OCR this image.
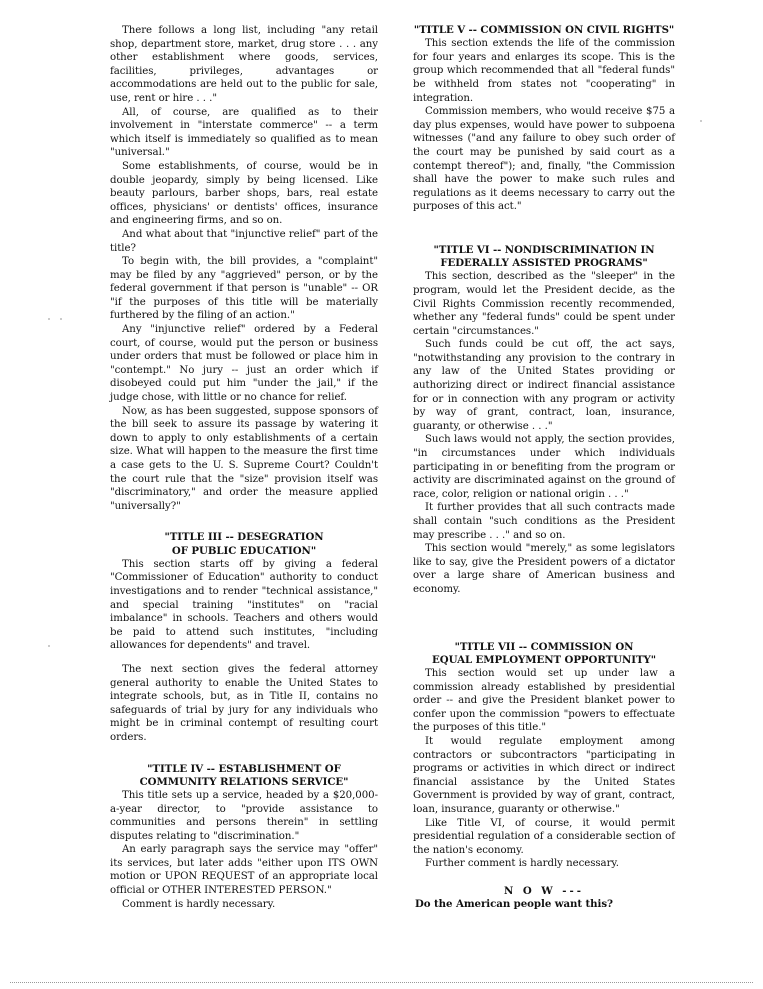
There follows a long list, including "any retail shop, department store, market, drug store . . . any other establishment where goods, services, facilities, privileges, advantages or accommodations are held out to the public for sale, use, rent or hire . . ."

All, of course, are qualified as to their involvement in "interstate commerce" -- a term which itself is immediately so qualified as to mean "universal."

Some establishments, of course, would be in double jeopardy, simply by being licensed. Like beauty parlours, barber shops, bars, real estate offices, physicians' or dentists' offices, insurance and engineering firms, and so on.

And what about that "injunctive relief" part of the title?

To begin with, the bill provides, a "complaint" may be filed by any "aggrieved" person, or by the federal government if that person is "unable" -- OR "if the purposes of this title will be materially furthered by the filing of an action."

Any "injunctive relief" ordered by a Federal court, of course, would put the person or business under orders that must be followed or place him in "contempt." No jury -- just an order which if disobeyed could put him "under the jail," if the judge chose, with little or no chance for relief.

Now, as has been suggested, suppose sponsors of the bill seek to assure its passage by watering it down to apply to only establishments of a certain size. What will happen to the measure the first time a case gets to the U. S. Supreme Court? Couldn't the court rule that the "size" provision itself was "discriminatory," and order the measure applied "universally?"

"TITLE III -- DESEGRATION
OF PUBLIC EDUCATION"

This section starts off by giving a federal "Commissioner of Education" authority to conduct investigations and to render "technical assistance," and special training "institutes" on "racial imbalance" in schools. Teachers and others would be paid to attend such institutes, "including allowances for dependents" and travel.

The next section gives the federal attorney general authority to enable the United States to integrate schools, but, as in Title II, contains no safeguards of trial by jury for any individuals who might be in criminal contempt of resulting court orders.

"TITLE IV -- ESTABLISHMENT OF
COMMUNITY RELATIONS SERVICE"

This title sets up a service, headed by a $20,000-a-year director, to "provide assistance to communities and persons therein" in settling disputes relating to "discrimination."

An early paragraph says the service may "offer" its services, but later adds "either upon ITS OWN motion or UPON REQUEST of an appropriate local official or OTHER INTERESTED PERSON."

Comment is hardly necessary.

"TITLE V -- COMMISSION ON CIVIL RIGHTS"

This section extends the life of the commission for four years and enlarges its scope. This is the group which recommended that all "federal funds" be withheld from states not "cooperating" in integration.

Commission members, who would receive $75 a day plus expenses, would have power to subpoena witnesses ("and any failure to obey such order of the court may be punished by said court as a contempt thereof"); and, finally, "the Commission shall have the power to make such rules and regulations as it deems necessary to carry out the purposes of this act."

"TITLE VI -- NONDISCRIMINATION IN
FEDERALLY ASSISTED PROGRAMS"

This section, described as the "sleeper" in the program, would let the President decide, as the Civil Rights Commission recently recommended, whether any "federal funds" could be spent under certain "circumstances."

Such funds could be cut off, the act says, "notwithstanding any provision to the contrary in any law of the United States providing or authorizing direct or indirect financial assistance for or in connection with any program or activity by way of grant, contract, loan, insurance, guaranty, or otherwise . . ."

Such laws would not apply, the section provides, "in circumstances under which individuals participating in or benefiting from the program or activity are discriminated against on the ground of race, color, religion or national origin . . ."

It further provides that all such contracts made shall contain "such conditions as the President may prescribe . . ." and so on.

This section would "merely," as some legislators like to say, give the President powers of a dictator over a large share of American business and economy.

"TITLE VII -- COMMISSION ON
EQUAL EMPLOYMENT OPPORTUNITY"

This section would set up under law a commission already established by presidential order -- and give the President blanket power to confer upon the commission "powers to effectuate the purposes of this title."

It would regulate employment among contractors or subcontractors "participating in programs or activities in which direct or indirect financial assistance by the United States Government is provided by way of grant, contract, loan, insurance, guaranty or otherwise."

Like Title VI, of course, it would permit presidential regulation of a considerable section of the nation's economy.

Further comment is hardly necessary.

N O W ---

Do the American people want this?
